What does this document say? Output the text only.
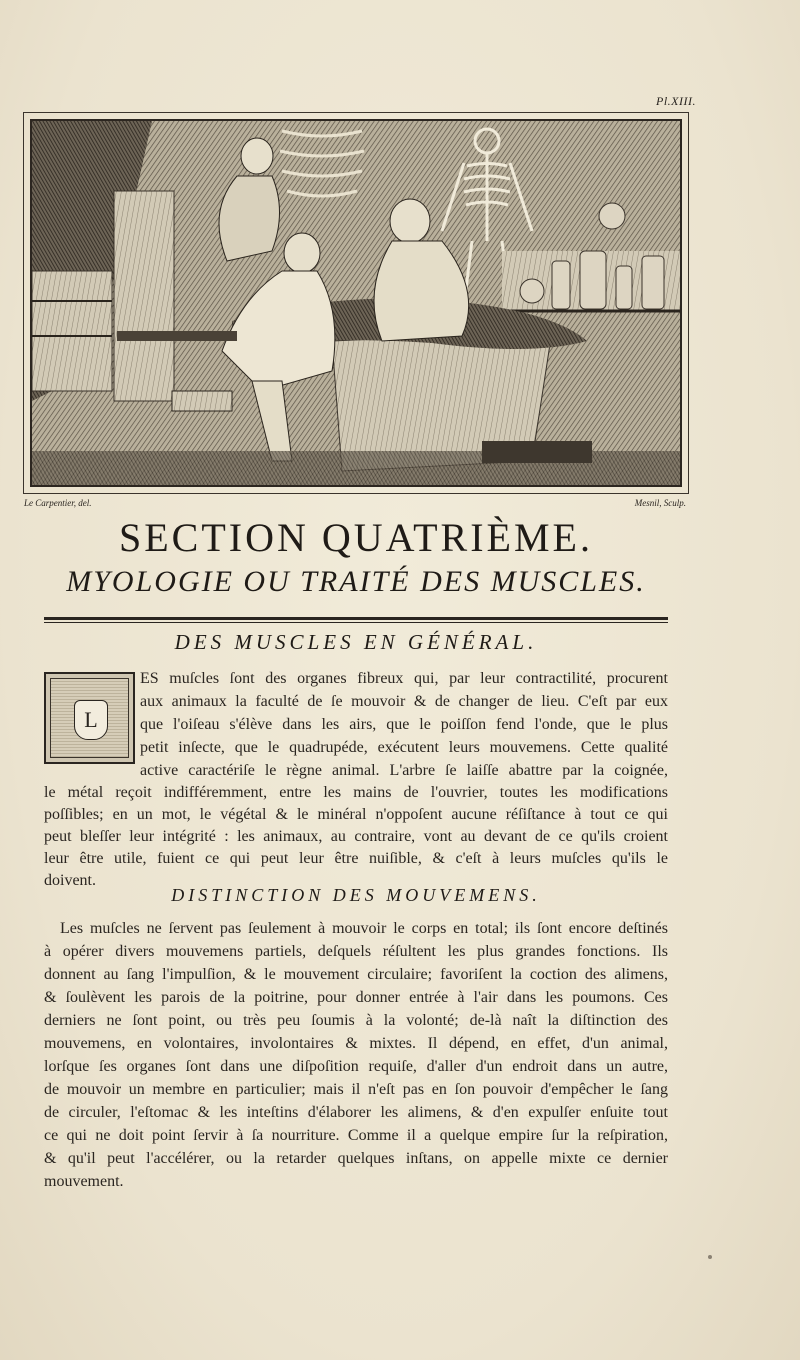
Pl.XIII.
Le Carpentier, del.	Mesnil, Sculp.
SECTION QUATRIÈME.
MYOLOGIE OU TRAITÉ DES MUSCLES.
DES MUSCLES EN GÉNÉRAL.
L
ES muſcles ſont des organes fibreux qui, par leur contractilité, procurent
aux animaux la faculté de ſe mouvoir & de changer de lieu. C'eſt par eux
que l'oiſeau s'élève dans les airs, que le poiſſon fend l'onde, que le plus
petit inſecte, que le quadrupéde, exécutent leurs mouvemens. Cette qualité
active caractériſe le règne animal. L'arbre ſe laiſſe abattre par la coignée,
le métal reçoit indifféremment, entre les mains de l'ouvrier, toutes les modifications
poſſibles; en un mot, le végétal & le minéral n'oppoſent aucune réſiſtance à tout ce qui
peut bleſſer leur intégrité : les animaux, au contraire, vont au devant de ce qu'ils croient
leur être utile, fuient ce qui peut leur être nuiſible, & c'eſt à leurs muſcles qu'ils le
doivent.
DISTINCTION DES MOUVEMENS.
Les muſcles ne ſervent pas ſeulement à mouvoir le corps en total; ils ſont encore deſtinés
à opérer divers mouvemens partiels, deſquels réſultent les plus grandes fonctions. Ils
donnent au ſang l'impulſion, & le mouvement circulaire; favoriſent la coction des alimens,
& ſoulèvent les parois de la poitrine, pour donner entrée à l'air dans les poumons. Ces
derniers ne ſont point, ou très peu ſoumis à la volonté; de-là naît la diſtinction des
mouvemens, en volontaires, involontaires & mixtes. Il dépend, en effet, d'un animal,
lorſque ſes organes ſont dans une diſpoſition requiſe, d'aller d'un endroit dans un autre,
de mouvoir un membre en particulier; mais il n'eſt pas en ſon pouvoir d'empêcher le ſang
de circuler, l'eſtomac & les inteſtins d'élaborer les alimens, & d'en expulſer enſuite tout
ce qui ne doit point ſervir à ſa nourriture. Comme il a quelque empire ſur la reſpiration,
& qu'il peut l'accélérer, ou la retarder quelques inſtans, on appelle mixte ce dernier
mouvement.
